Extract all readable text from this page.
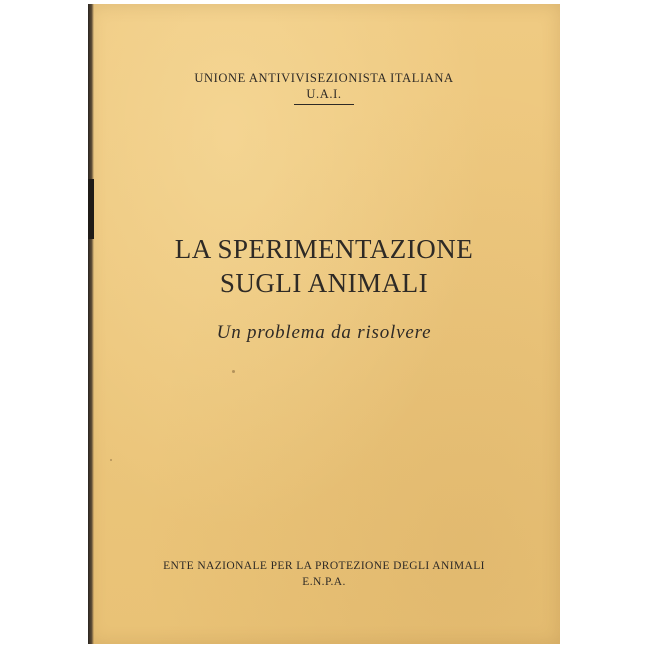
UNIONE ANTIVIVISEZIONISTA ITALIANA
U.A.I.
LA SPERIMENTAZIONE
SUGLI ANIMALI
Un problema da risolvere
ENTE NAZIONALE PER LA PROTEZIONE DEGLI ANIMALI
E.N.P.A.
